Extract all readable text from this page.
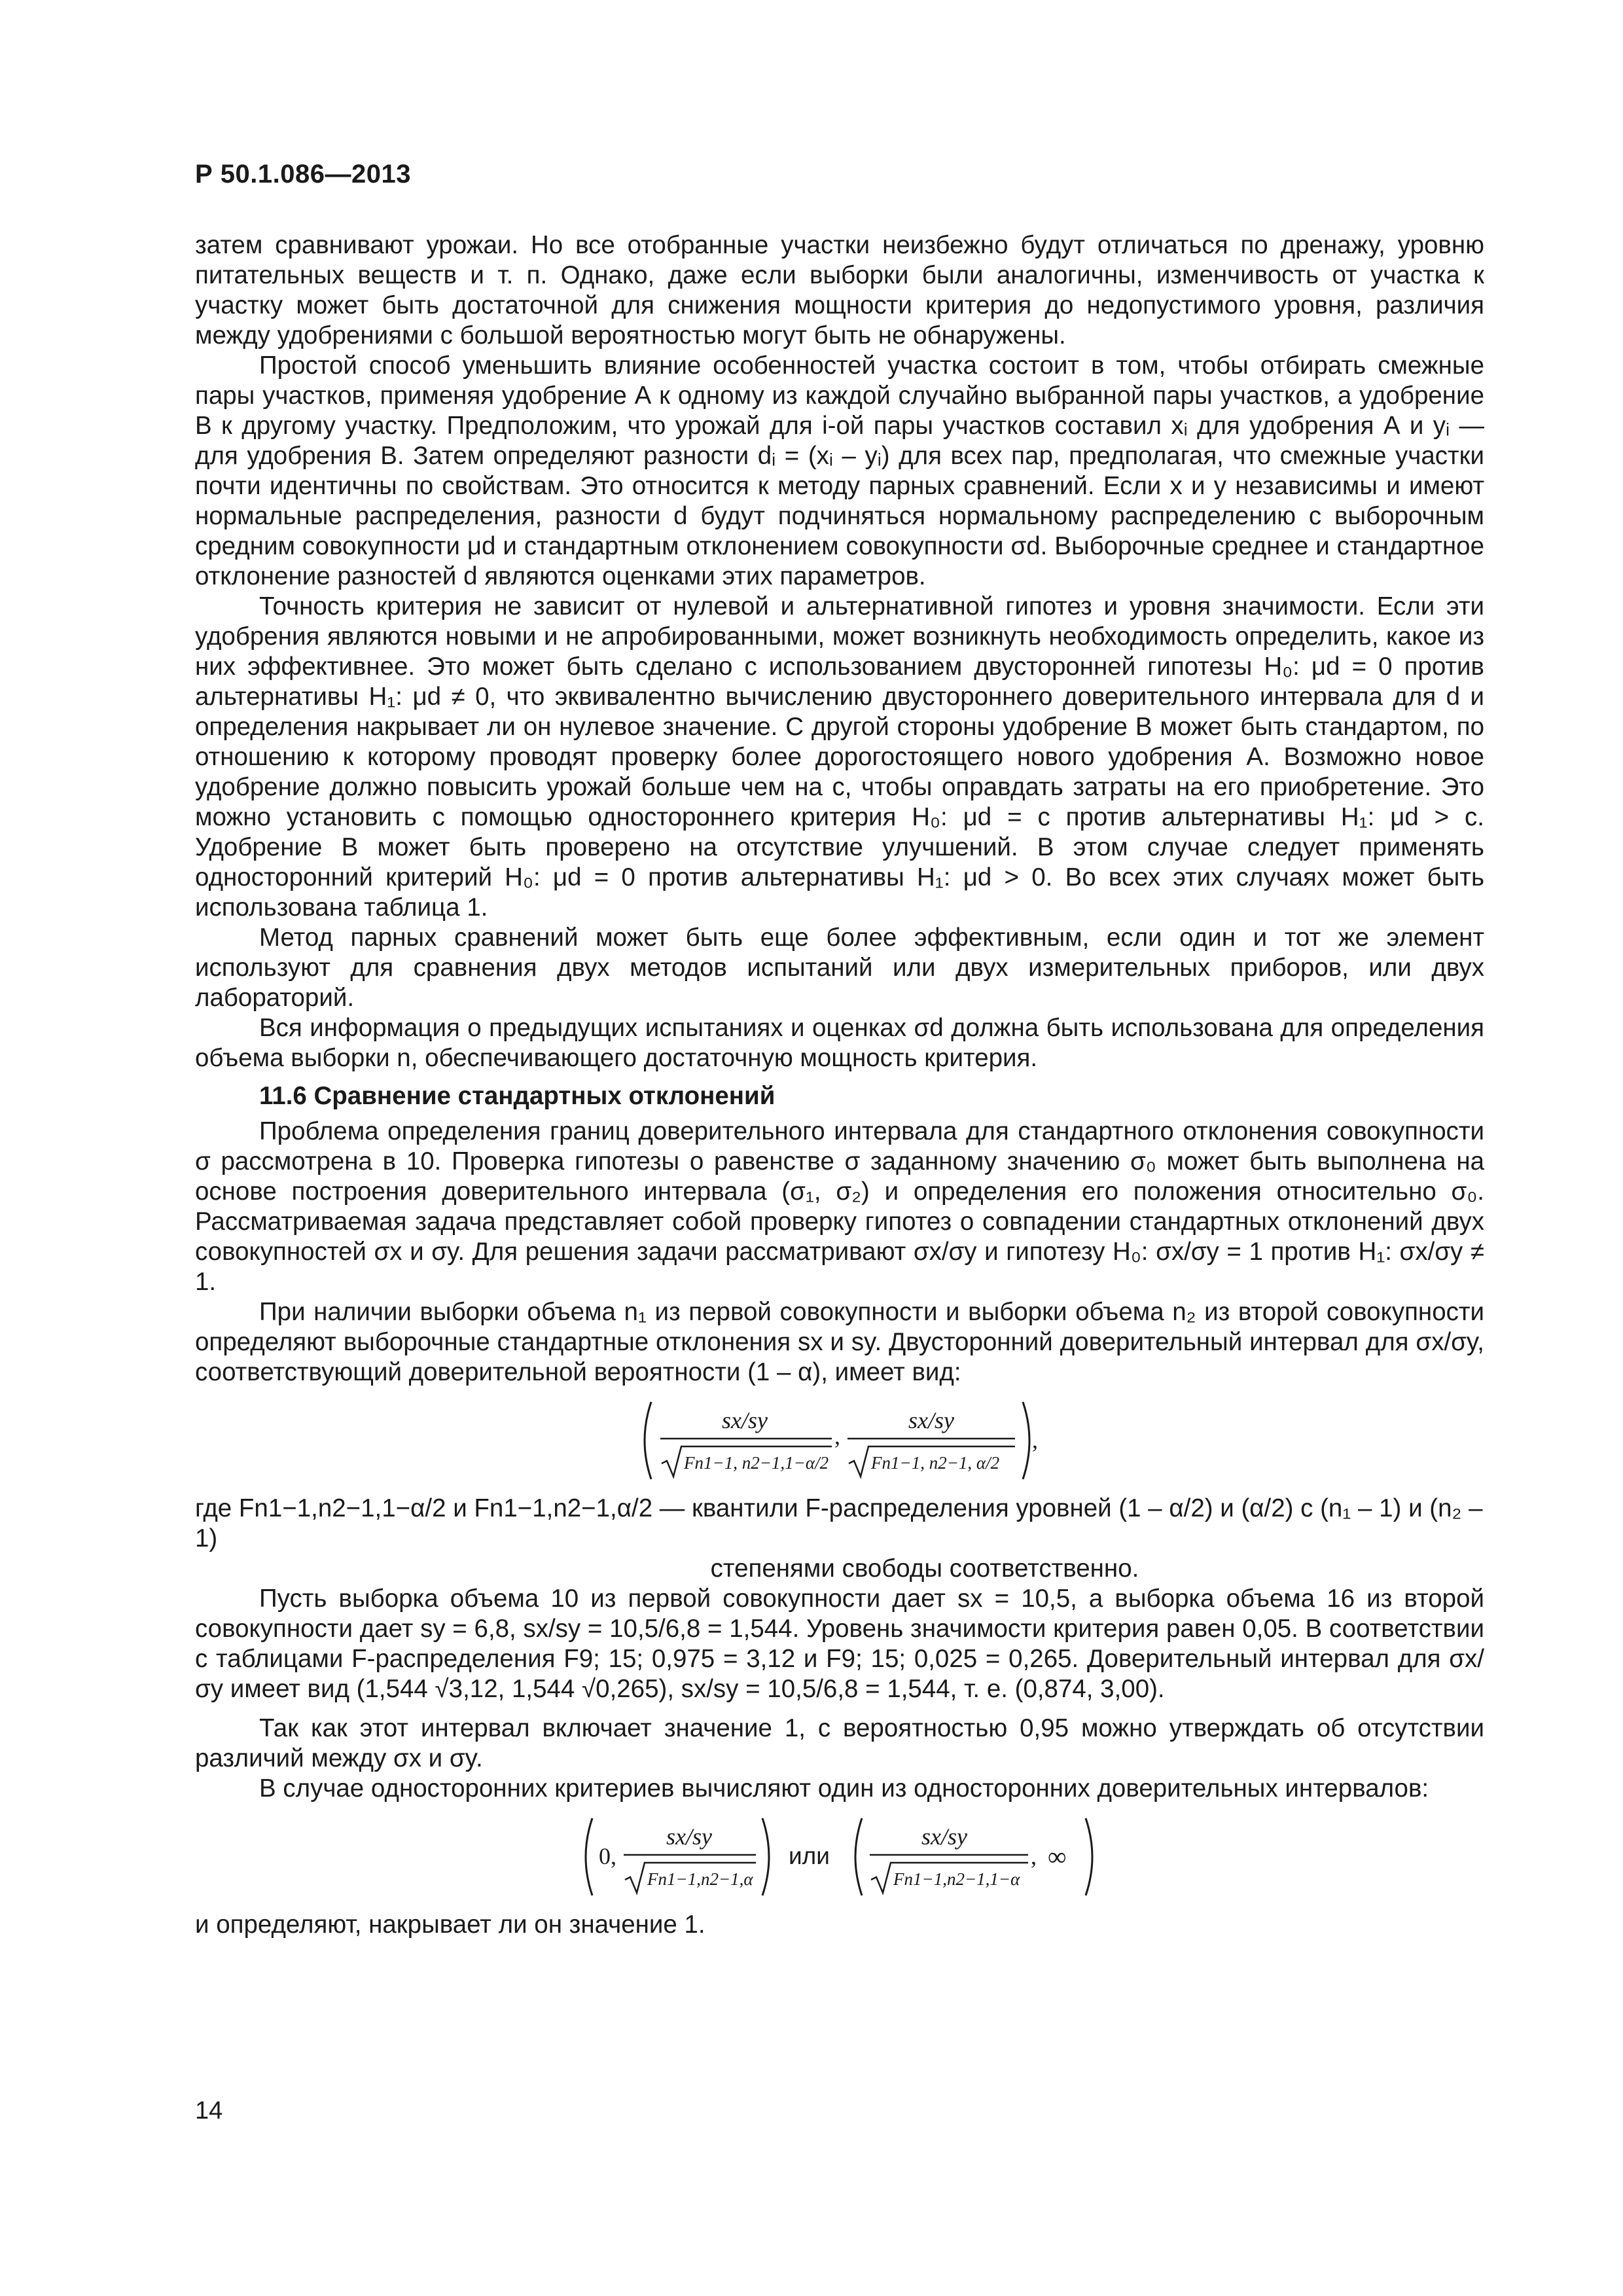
Р 50.1.086—2013

затем сравнивают урожаи. Но все отобранные участки неизбежно будут отличаться по дренажу, уровню питательных веществ и т. п. Однако, даже если выборки были аналогичны, изменчивость от участка к участку может быть достаточной для снижения мощности критерия до недопустимого уровня, различия между удобрениями с большой вероятностью могут быть не обнаружены.

Простой способ уменьшить влияние особенностей участка состоит в том, чтобы отбирать смежные пары участков, применяя удобрение А к одному из каждой случайно выбранной пары участков, а удобрение В к другому участку. Предположим, что урожай для i-ой пары участков составил xᵢ для удобрения А и yᵢ — для удобрения В. Затем определяют разности dᵢ = (xᵢ – yᵢ) для всех пар, предполагая, что смежные участки почти идентичны по свойствам. Это относится к методу парных сравнений. Если x и y независимы и имеют нормальные распределения, разности d будут подчиняться нормальному распределению с выборочным средним совокупности μd и стандартным отклонением совокупности σd. Выборочные среднее и стандартное отклонение разностей d являются оценками этих параметров.

Точность критерия не зависит от нулевой и альтернативной гипотез и уровня значимости. Если эти удобрения являются новыми и не апробированными, может возникнуть необходимость определить, какое из них эффективнее. Это может быть сделано с использованием двусторонней гипотезы H₀: μd = 0 против альтернативы H₁: μd ≠ 0, что эквивалентно вычислению двустороннего доверительного интервала для d и определения накрывает ли он нулевое значение. С другой стороны удобрение В может быть стандартом, по отношению к которому проводят проверку более дорогостоящего нового удобрения А. Возможно новое удобрение должно повысить урожай больше чем на c, чтобы оправдать затраты на его приобретение. Это можно установить с помощью одностороннего критерия H₀: μd = c против альтернативы H₁: μd > c. Удобрение В может быть проверено на отсутствие улучшений. В этом случае следует применять односторонний критерий H₀: μd = 0 против альтернативы H₁: μd > 0. Во всех этих случаях может быть использована таблица 1.

Метод парных сравнений может быть еще более эффективным, если один и тот же элемент используют для сравнения двух методов испытаний или двух измерительных приборов, или двух лабораторий.

Вся информация о предыдущих испытаниях и оценках σd должна быть использована для определения объема выборки n, обеспечивающего достаточную мощность критерия.

11.6 Сравнение стандартных отклонений

Проблема определения границ доверительного интервала для стандартного отклонения совокупности σ рассмотрена в 10. Проверка гипотезы о равенстве σ заданному значению σ₀ может быть выполнена на основе построения доверительного интервала (σ₁, σ₂) и определения его положения относительно σ₀. Рассматриваемая задача представляет собой проверку гипотез о совпадении стандартных отклонений двух совокупностей σx и σy. Для решения задачи рассматривают σx/σy и гипотезу H₀: σx/σy = 1 против H₁: σx/σy ≠ 1.

При наличии выборки объема n₁ из первой совокупности и выборки объема n₂ из второй совокупности определяют выборочные стандартные отклонения sx и sy. Двусторонний доверительный интервал для σx/σy, соответствующий доверительной вероятности (1 – α), имеет вид:

sx/sy
Fn1−1, n2−1,1−α/2
,
sx/sy
Fn1−1, n2−1, α/2
,

где Fn1−1,n2−1,1−α/2 и Fn1−1,n2−1,α/2 — квантили F-распределения уровней (1 – α/2) и (α/2) с (n₁ – 1) и (n₂ – 1)

степенями свободы соответственно.

Пусть выборка объема 10 из первой совокупности дает sx = 10,5, а выборка объема 16 из второй совокупности дает sy = 6,8, sx/sy = 10,5/6,8 = 1,544. Уровень значимости критерия равен 0,05. В соответствии с таблицами F-распределения F9; 15; 0,975 = 3,12 и F9; 15; 0,025 = 0,265. Доверительный интервал для σx/σy имеет вид (1,544 √3,12, 1,544 √0,265), sx/sy = 10,5/6,8 = 1,544, т. е. (0,874, 3,00).

Так как этот интервал включает значение 1, с вероятностью 0,95 можно утверждать об отсутствии различий между σx и σy.

В случае односторонних критериев вычисляют один из односторонних доверительных интервалов:

0,
sx/sy
Fn1−1,n2−1,α
или
sx/sy
Fn1−1,n2−1,1−α
, ∞

и определяют, накрывает ли он значение 1.

14
